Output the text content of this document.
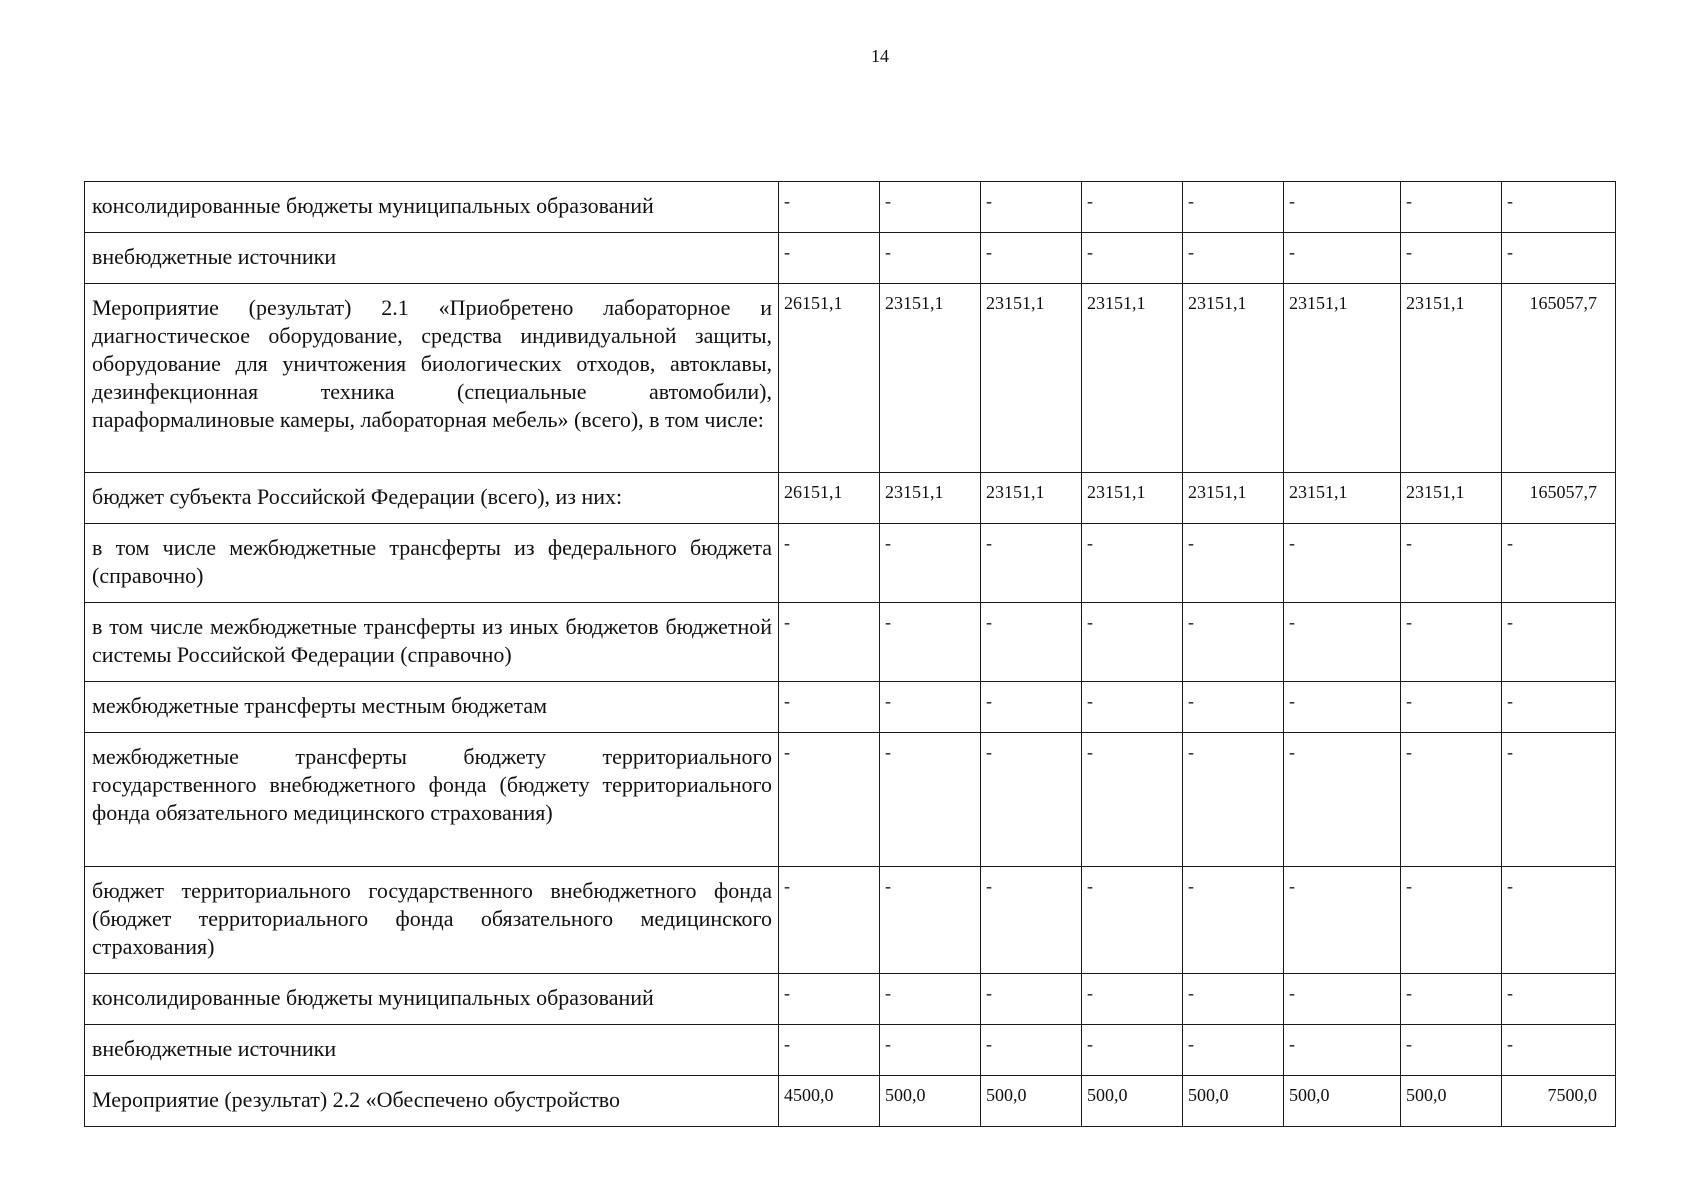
14
консолидированные бюджеты муниципальных образований	-	-	-	-	-	-	-	-
внебюджетные источники	-	-	-	-	-	-	-	-
Мероприятие (результат) 2.1 «Приобретено лабораторное и диагностическое оборудование, средства индивидуальной защиты, оборудование для уничтожения биологических отходов, автоклавы, дезинфекционная техника (специальные автомобили), параформалиновые камеры, лабораторная мебель» (всего), в том числе:	26151,1	23151,1	23151,1	23151,1	23151,1	23151,1	23151,1	165057,7
бюджет субъекта Российской Федерации (всего), из них:	26151,1	23151,1	23151,1	23151,1	23151,1	23151,1	23151,1	165057,7
в том числе межбюджетные трансферты из федерального бюджета (справочно)	-	-	-	-	-	-	-	-
в том числе межбюджетные трансферты из иных бюджетов бюджетной системы Российской Федерации (справочно)	-	-	-	-	-	-	-	-
межбюджетные трансферты местным бюджетам	-	-	-	-	-	-	-	-
межбюджетные трансферты бюджету территориального государственного внебюджетного фонда (бюджету территориального фонда обязательного медицинского страхования)	-	-	-	-	-	-	-	-
бюджет территориального государственного внебюджетного фонда (бюджет территориального фонда обязательного медицинского страхования)	-	-	-	-	-	-	-	-
консолидированные бюджеты муниципальных образований	-	-	-	-	-	-	-	-
внебюджетные источники	-	-	-	-	-	-	-	-
Мероприятие (результат) 2.2 «Обеспечено обустройство	4500,0	500,0	500,0	500,0	500,0	500,0	500,0	7500,0
